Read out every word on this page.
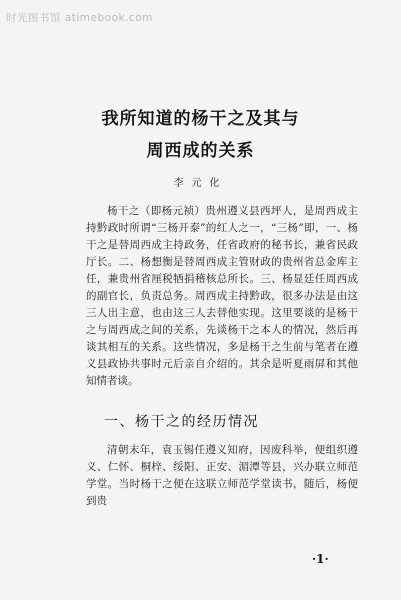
时光图书馆 atimebook.com
我所知道的杨干之及其与
周西成的关系
李元化

杨干之（即杨元祯）贵州遵义县西坪人，是周西成主持黔政时所谓“三杨开泰”的红人之一，“三杨”即，一、杨干之是替周西成主持政务，任省政府的秘书长，兼省民政厅长。二、杨想衡是替周西成主管财政的贵州省总金库主任，兼贵州省厘税牺捐稽核总所长。三、杨显廷任周西成的副官长，负责总务。周西成主持黔政，很多办法是由这三人出主意，也由这三人去替他实现。这里要谈的是杨干之与周西成之间的关系，先谈杨干之本人的情况，然后再谈其相互的关系。这些情况，多是杨干之生前与笔者在遵义县政协共事时元后亲自介绍的。其余是听夏雨屏和其他知情者谈。

一、杨干之的经历情况

清朝末年，袁玉锡任遵义知府，因废科举，便组织遵义、仁怀、桐梓、绥阳、正安、湄潭等县，兴办联立师范学堂。当时杨干之便在这联立师范学堂读书，随后，杨便到贵

·1·
